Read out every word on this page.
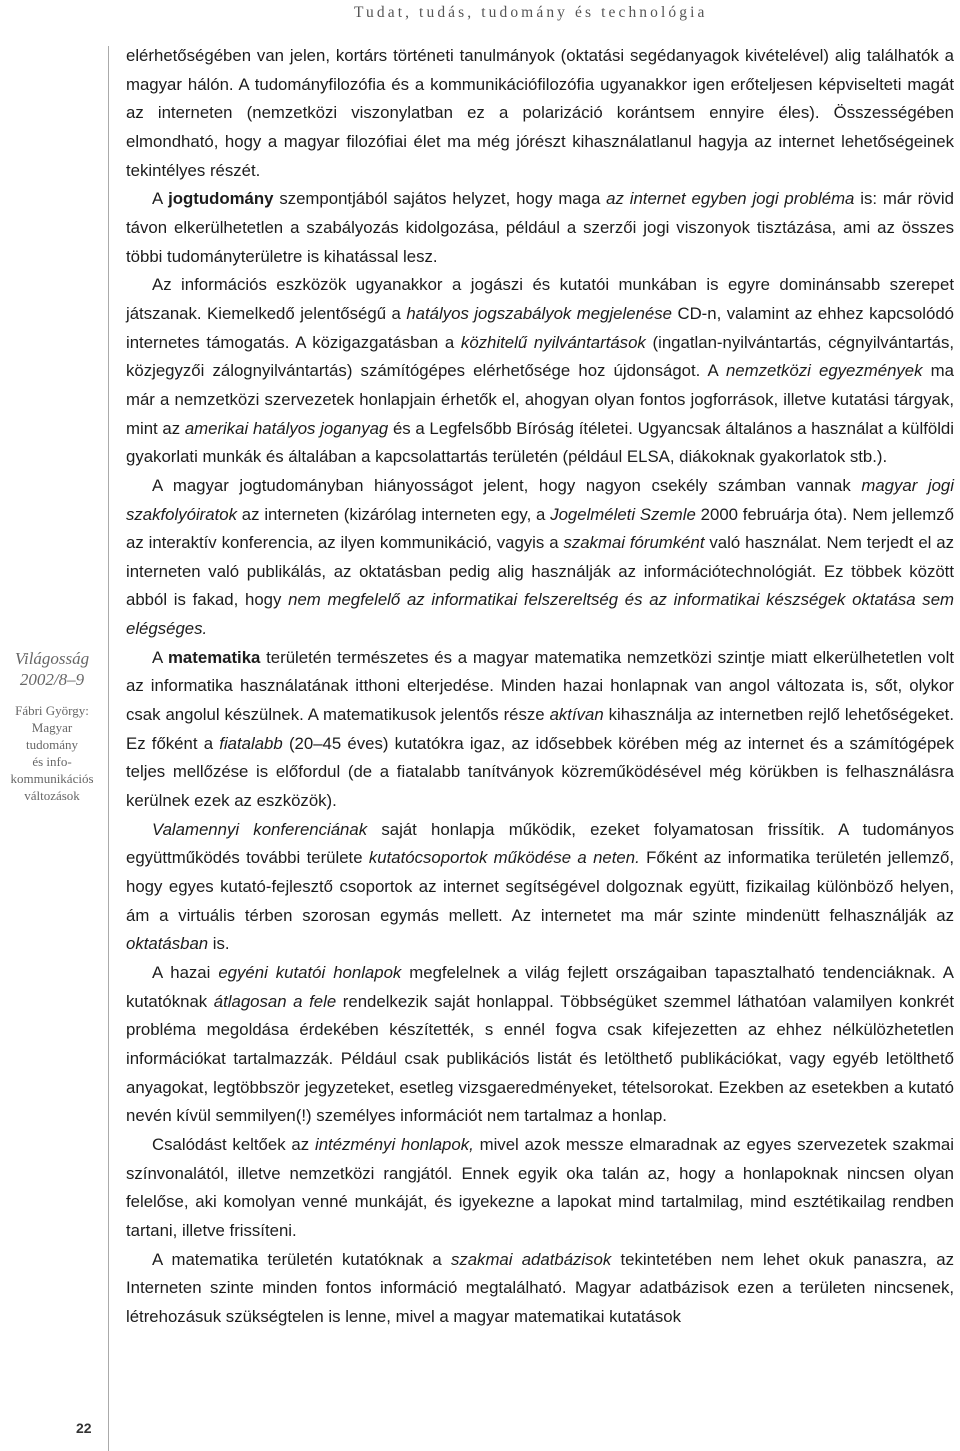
Tudat, tudás, tudomány és technológia
Világosság
2002/8–9
Fábri György:
Magyar
tudomány
és info-
kommunikációs
változások
22

elérhetőségében van jelen, kortárs történeti tanulmányok (oktatási segédanyagok kivételével) alig találhatók a magyar hálón. A tudományfilozófia és a kommunikációfilozófia ugyanakkor igen erőteljesen képviselteti magát az interneten (nemzetközi viszonylatban ez a polarizáció korántsem ennyire éles). Összességében elmondható, hogy a magyar filozófiai élet ma még jórészt kihasználatlanul hagyja az internet lehetőségeinek tekintélyes részét.

A jogtudomány szempontjából sajátos helyzet, hogy maga az internet egyben jogi probléma is: már rövid távon elkerülhetetlen a szabályozás kidolgozása, például a szerzői jogi viszonyok tisztázása, ami az összes többi tudományterületre is kihatással lesz.

Az információs eszközök ugyanakkor a jogászi és kutatói munkában is egyre dominánsabb szerepet játszanak. Kiemelkedő jelentőségű a hatályos jogszabályok megjelenése CD-n, valamint az ehhez kapcsolódó internetes támogatás. A közigazgatásban a közhitelű nyilvántartások (ingatlan-nyilvántartás, cégnyilvántartás, közjegyzői zálognyilvántartás) számítógépes elérhetősége hoz újdonságot. A nemzetközi egyezmények ma már a nemzetközi szervezetek honlapjain érhetők el, ahogyan olyan fontos jogforrások, illetve kutatási tárgyak, mint az amerikai hatályos joganyag és a Legfelsőbb Bíróság ítéletei. Ugyancsak általános a használat a külföldi gyakorlati munkák és általában a kapcsolattartás területén (például ELSA, diákoknak gyakorlatok stb.).

A magyar jogtudományban hiányosságot jelent, hogy nagyon csekély számban vannak magyar jogi szakfolyóiratok az interneten (kizárólag interneten egy, a Jogelméleti Szemle 2000 februárja óta). Nem jellemző az interaktív konferencia, az ilyen kommunikáció, vagyis a szakmai fórumként való használat. Nem terjedt el az interneten való publikálás, az oktatásban pedig alig használják az információtechnológiát. Ez többek között abból is fakad, hogy nem megfelelő az informatikai felszereltség és az informatikai készségek oktatása sem elégséges.

A matematika területén természetes és a magyar matematika nemzetközi szintje miatt elkerülhetetlen volt az informatika használatának itthoni elterjedése. Minden hazai honlapnak van angol változata is, sőt, olykor csak angolul készülnek. A matematikusok jelentős része aktívan kihasználja az internetben rejlő lehetőségeket. Ez főként a fiatalabb (20–45 éves) kutatókra igaz, az idősebbek körében még az internet és a számítógépek teljes mellőzése is előfordul (de a fiatalabb tanítványok közreműködésével még körükben is felhasználásra kerülnek ezek az eszközök).

Valamennyi konferenciának saját honlapja működik, ezeket folyamatosan frissítik. A tudományos együttműködés további területe kutatócsoportok működése a neten. Főként az informatika területén jellemző, hogy egyes kutató-fejlesztő csoportok az internet segítségével dolgoznak együtt, fizikailag különböző helyen, ám a virtuális térben szorosan egymás mellett. Az internetet ma már szinte mindenütt felhasználják az oktatásban is.

A hazai egyéni kutatói honlapok megfelelnek a világ fejlett országaiban tapasztalható tendenciáknak. A kutatóknak átlagosan a fele rendelkezik saját honlappal. Többségüket szemmel láthatóan valamilyen konkrét probléma megoldása érdekében készítették, s ennél fogva csak kifejezetten az ehhez nélkülözhetetlen információkat tartalmazzák. Például csak publikációs listát és letölthető publikációkat, vagy egyéb letölthető anyagokat, legtöbbször jegyzeteket, esetleg vizsgaeredményeket, tételsorokat. Ezekben az esetekben a kutató nevén kívül semmilyen(!) személyes információt nem tartalmaz a honlap.

Csalódást keltőek az intézményi honlapok, mivel azok messze elmaradnak az egyes szervezetek szakmai színvonalától, illetve nemzetközi rangjától. Ennek egyik oka talán az, hogy a honlapoknak nincsen olyan felelőse, aki komolyan venné munkáját, és igyekezne a lapokat mind tartalmilag, mind esztétikailag rendben tartani, illetve frissíteni.

A matematika területén kutatóknak a szakmai adatbázisok tekintetében nem lehet okuk panaszra, az Interneten szinte minden fontos információ megtalálható. Magyar adatbázisok ezen a területen nincsenek, létrehozásuk szükségtelen is lenne, mivel a magyar matematikai kutatások
